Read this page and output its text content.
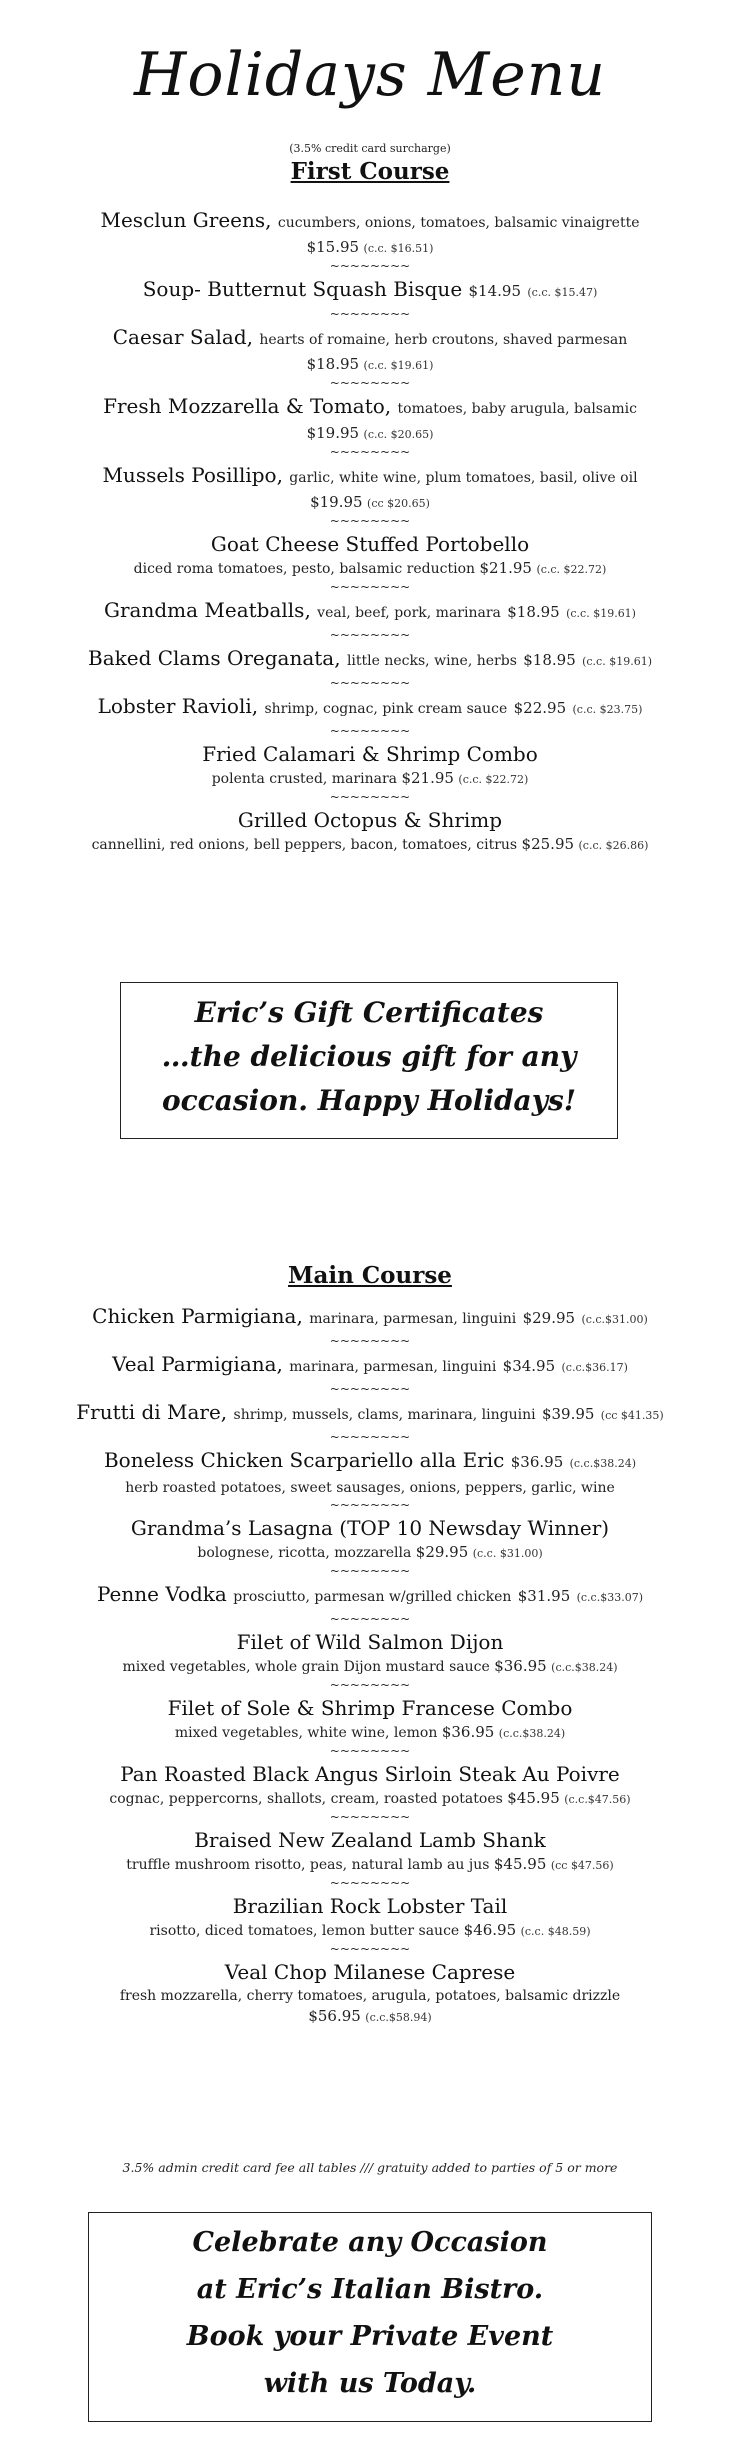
Holidays Menu
(3.5% credit card surcharge)
First Course
Mesclun Greens, cucumbers, onions, tomatoes, balsamic vinaigrette
$15.95 (c.c. $16.51)
~~~~~~~~
Soup- Butternut Squash Bisque $14.95 (c.c. $15.47)
~~~~~~~~
Caesar Salad, hearts of romaine, herb croutons, shaved parmesan
$18.95 (c.c. $19.61)
~~~~~~~~
Fresh Mozzarella & Tomato, tomatoes, baby arugula, balsamic
$19.95 (c.c. $20.65)
~~~~~~~~
Mussels Posillipo, garlic, white wine, plum tomatoes, basil, olive oil
$19.95 (cc $20.65)
~~~~~~~~
Goat Cheese Stuffed Portobello
diced roma tomatoes, pesto, balsamic reduction $21.95 (c.c. $22.72)
~~~~~~~~
Grandma Meatballs, veal, beef, pork, marinara $18.95 (c.c. $19.61)
~~~~~~~~
Baked Clams Oreganata, little necks, wine, herbs $18.95 (c.c. $19.61)
~~~~~~~~
Lobster Ravioli, shrimp, cognac, pink cream sauce $22.95 (c.c. $23.75)
~~~~~~~~
Fried Calamari & Shrimp Combo
polenta crusted, marinara $21.95 (c.c. $22.72)
~~~~~~~~
Grilled Octopus & Shrimp
cannellini, red onions, bell peppers, bacon, tomatoes, citrus $25.95 (c.c. $26.86)
Eric’s Gift Certificates
…the delicious gift for any
occasion. Happy Holidays!
Main Course
Chicken Parmigiana, marinara, parmesan, linguini $29.95 (c.c.$31.00)
~~~~~~~~
Veal Parmigiana, marinara, parmesan, linguini $34.95 (c.c.$36.17)
~~~~~~~~
Frutti di Mare, shrimp, mussels, clams, marinara, linguini $39.95 (cc $41.35)
~~~~~~~~
Boneless Chicken Scarpariello alla Eric $36.95 (c.c.$38.24)
herb roasted potatoes, sweet sausages, onions, peppers, garlic, wine
~~~~~~~~
Grandma’s Lasagna (TOP 10 Newsday Winner)
bolognese, ricotta, mozzarella $29.95 (c.c. $31.00)
~~~~~~~~
Penne Vodka prosciutto, parmesan w/grilled chicken $31.95 (c.c.$33.07)
~~~~~~~~
Filet of Wild Salmon Dijon
mixed vegetables, whole grain Dijon mustard sauce $36.95 (c.c.$38.24)
~~~~~~~~
Filet of Sole & Shrimp Francese Combo
mixed vegetables, white wine, lemon $36.95 (c.c.$38.24)
~~~~~~~~
Pan Roasted Black Angus Sirloin Steak Au Poivre
cognac, peppercorns, shallots, cream, roasted potatoes $45.95 (c.c.$47.56)
~~~~~~~~
Braised New Zealand Lamb Shank
truffle mushroom risotto, peas, natural lamb au jus $45.95 (cc $47.56)
~~~~~~~~
Brazilian Rock Lobster Tail
risotto, diced tomatoes, lemon butter sauce $46.95 (c.c. $48.59)
~~~~~~~~
Veal Chop Milanese Caprese
fresh mozzarella, cherry tomatoes, arugula, potatoes, balsamic drizzle
$56.95 (c.c.$58.94)
3.5% admin credit card fee all tables /// gratuity added to parties of 5 or more
Celebrate any Occasion
at Eric’s Italian Bistro.
Book your Private Event
with us Today.
